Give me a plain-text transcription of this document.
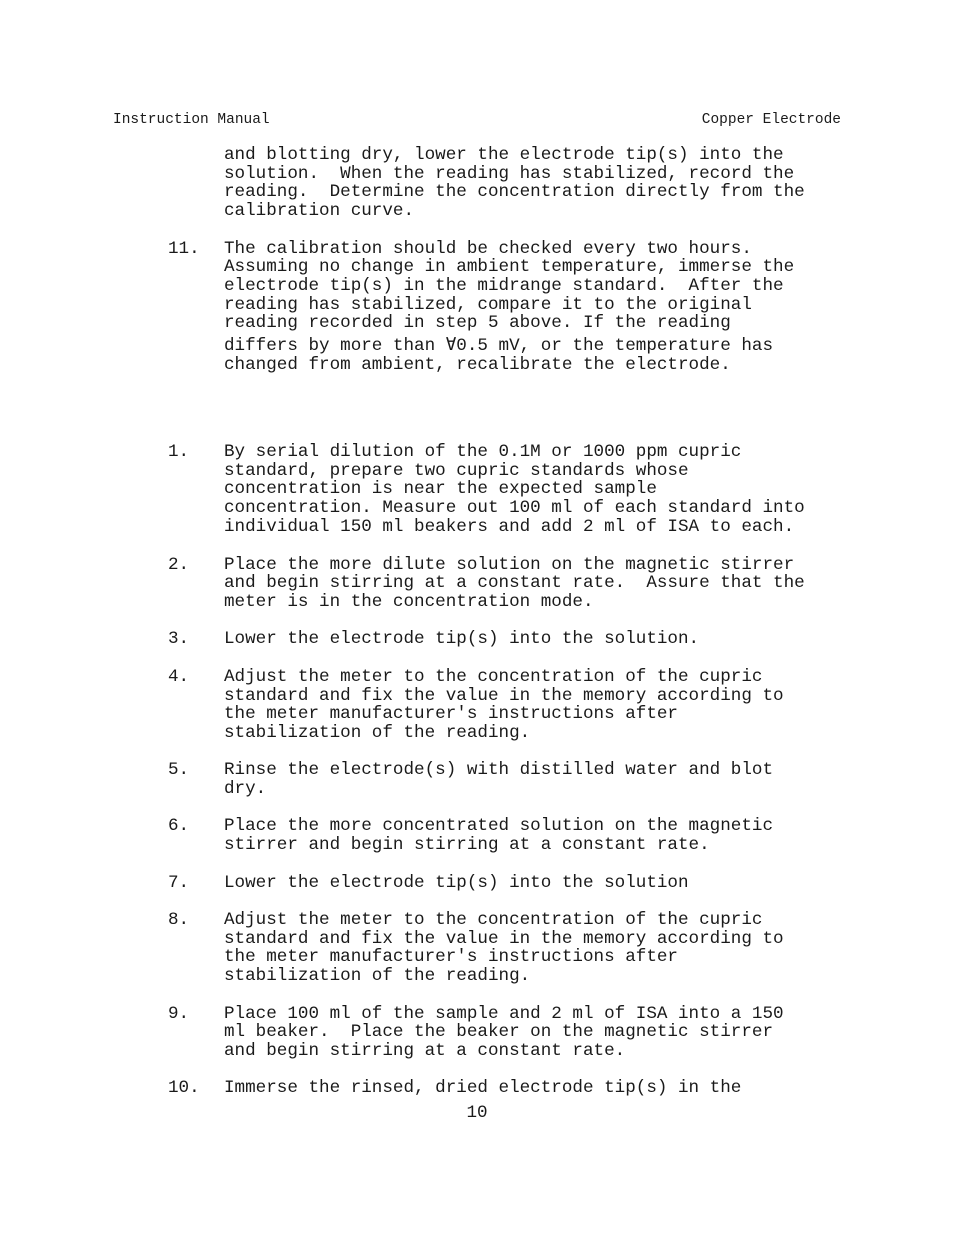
Instruction Manual	Copper Electrode
and blotting dry, lower the electrode tip(s) into the
solution.  When the reading has stabilized, record the
reading.  Determine the concentration directly from the
calibration curve.
11. The calibration should be checked every two hours.
Assuming no change in ambient temperature, immerse the
electrode tip(s) in the midrange standard.  After the
reading has stabilized, compare it to the original
reading recorded in step 5 above. If the reading
differs by more than ∀0.5 mV, or the temperature has
changed from ambient, recalibrate the electrode.
1. By serial dilution of the 0.1M or 1000 ppm cupric
standard, prepare two cupric standards whose
concentration is near the expected sample
concentration. Measure out 100 ml of each standard into
individual 150 ml beakers and add 2 ml of ISA to each.
2. Place the more dilute solution on the magnetic stirrer
and begin stirring at a constant rate.  Assure that the
meter is in the concentration mode.
3. Lower the electrode tip(s) into the solution.
4. Adjust the meter to the concentration of the cupric
standard and fix the value in the memory according to
the meter manufacturer's instructions after
stabilization of the reading.
5. Rinse the electrode(s) with distilled water and blot
dry.
6. Place the more concentrated solution on the magnetic
stirrer and begin stirring at a constant rate.
7. Lower the electrode tip(s) into the solution
8. Adjust the meter to the concentration of the cupric
standard and fix the value in the memory according to
the meter manufacturer's instructions after
stabilization of the reading.
9. Place 100 ml of the sample and 2 ml of ISA into a 150
ml beaker.  Place the beaker on the magnetic stirrer
and begin stirring at a constant rate.
10. Immerse the rinsed, dried electrode tip(s) in the
10
